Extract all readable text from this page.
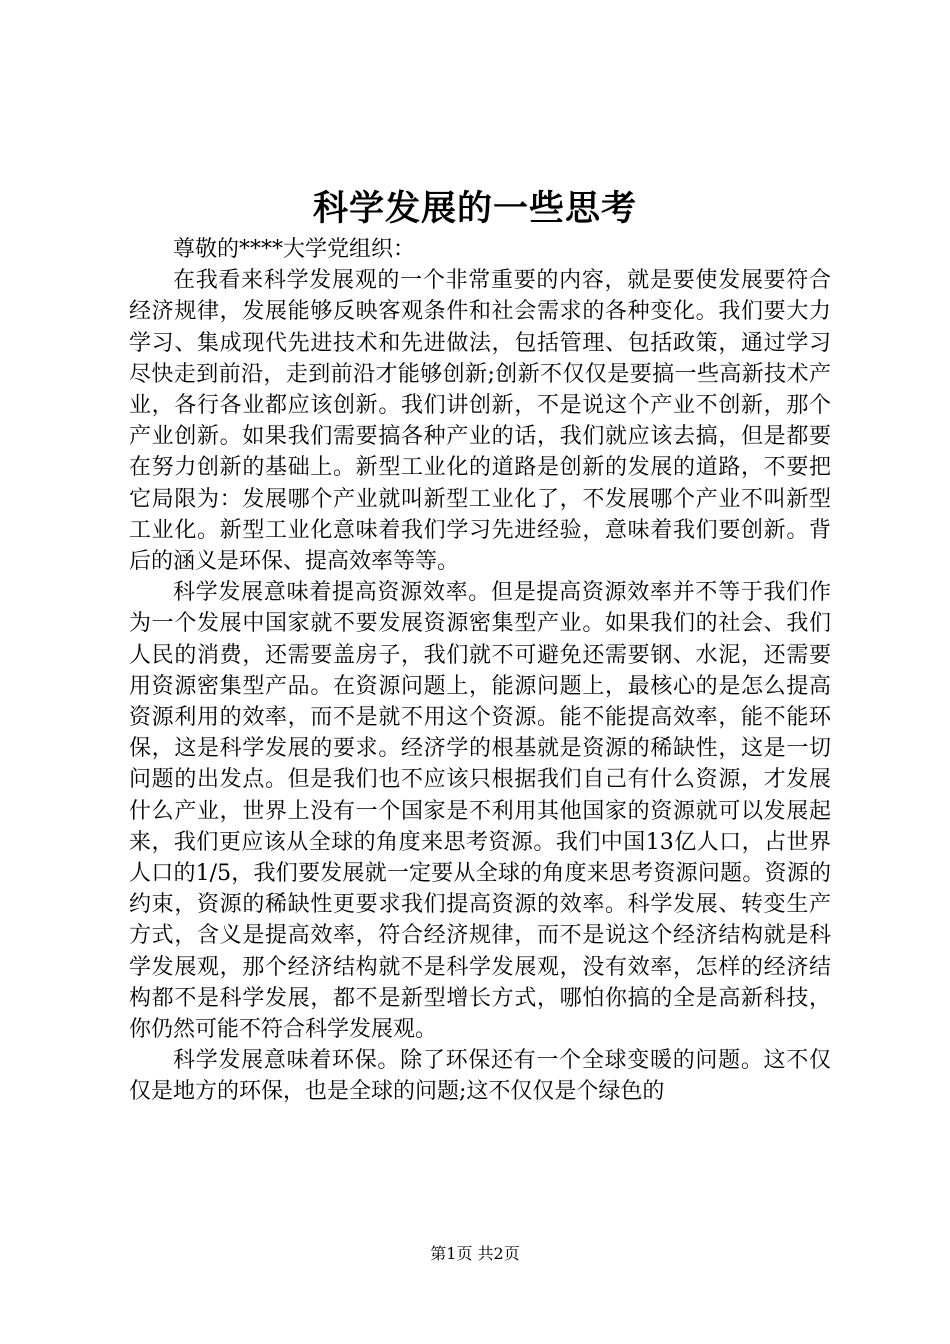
科学发展的一些思考

尊敬的****大学党组织：

在我看来科学发展观的一个非常重要的内容，就是要使发展要符合经济规律，发展能够反映客观条件和社会需求的各种变化。我们要大力学习、集成现代先进技术和先进做法，包括管理、包括政策，通过学习尽快走到前沿，走到前沿才能够创新;创新不仅仅是要搞一些高新技术产业，各行各业都应该创新。我们讲创新，不是说这个产业不创新，那个产业创新。如果我们需要搞各种产业的话，我们就应该去搞，但是都要在努力创新的基础上。新型工业化的道路是创新的发展的道路，不要把它局限为：发展哪个产业就叫新型工业化了，不发展哪个产业不叫新型工业化。新型工业化意味着我们学习先进经验，意味着我们要创新。背后的涵义是环保、提高效率等等。

科学发展意味着提高资源效率。但是提高资源效率并不等于我们作为一个发展中国家就不要发展资源密集型产业。如果我们的社会、我们人民的消费，还需要盖房子，我们就不可避免还需要钢、水泥，还需要用资源密集型产品。在资源问题上，能源问题上，最核心的是怎么提高资源利用的效率，而不是就不用这个资源。能不能提高效率，能不能环保，这是科学发展的要求。经济学的根基就是资源的稀缺性，这是一切问题的出发点。但是我们也不应该只根据我们自己有什么资源，才发展什么产业，世界上没有一个国家是不利用其他国家的资源就可以发展起来，我们更应该从全球的角度来思考资源。我们中国13亿人口，占世界人口的1/5，我们要发展就一定要从全球的角度来思考资源问题。资源的约束，资源的稀缺性更要求我们提高资源的效率。科学发展、转变生产方式，含义是提高效率，符合经济规律，而不是说这个经济结构就是科学发展观，那个经济结构就不是科学发展观，没有效率，怎样的经济结构都不是科学发展，都不是新型增长方式，哪怕你搞的全是高新科技，你仍然可能不符合科学发展观。

科学发展意味着环保。除了环保还有一个全球变暖的问题。这不仅仅是地方的环保，也是全球的问题;这不仅仅是个绿色的

第1页 共2页
